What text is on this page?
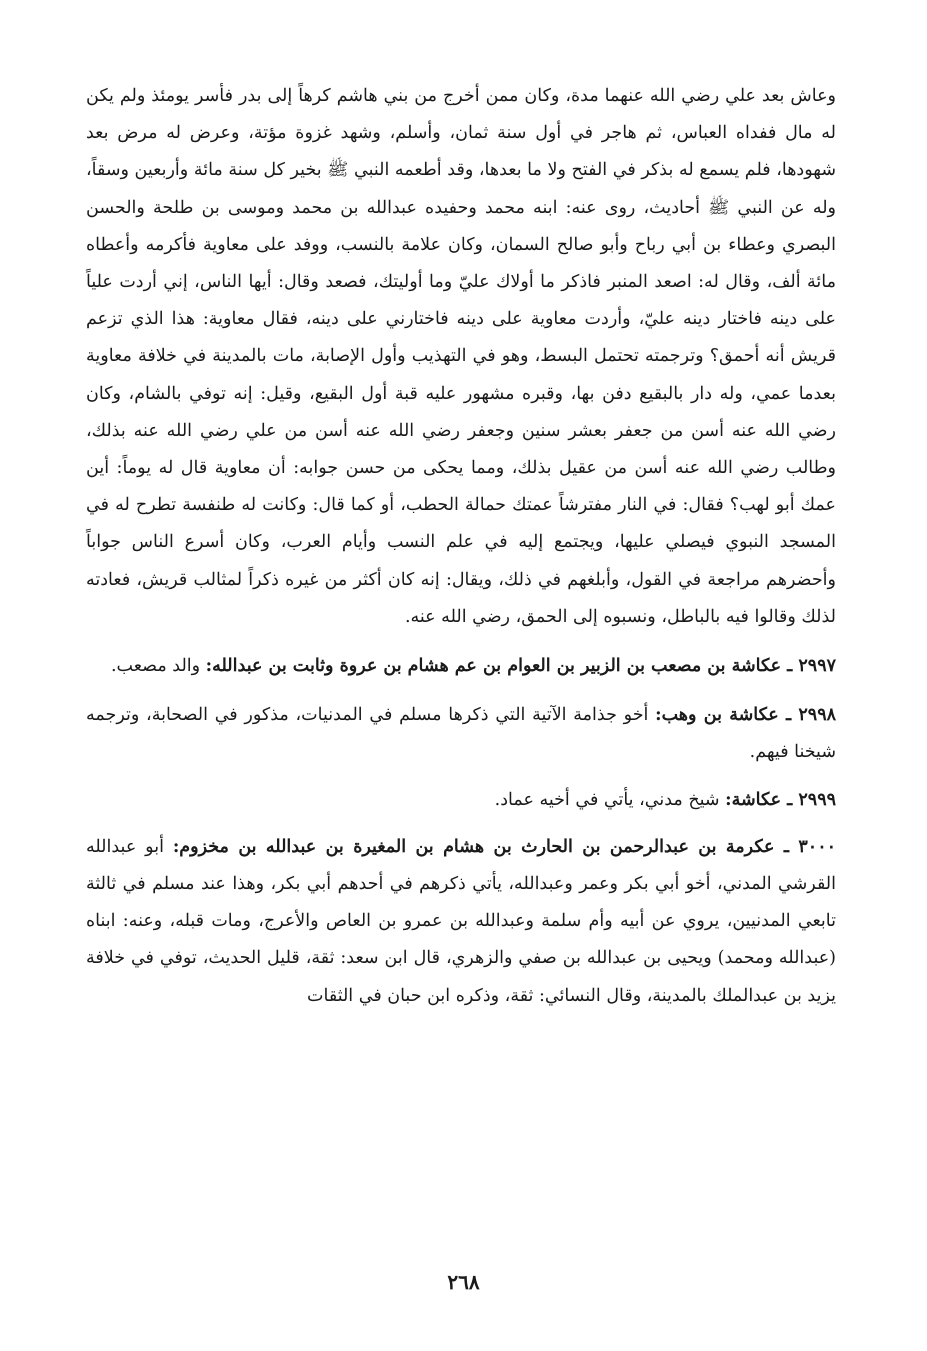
وعاش بعد علي رضي الله عنهما مدة، وكان ممن أخرج من بني هاشم كرهاً إلى بدر فأسر يومئذ ولم يكن له مال ففداه العباس، ثم هاجر في أول سنة ثمان، وأسلم، وشهد غزوة مؤتة، وعرض له مرض بعد شهودها، فلم يسمع له بذكر في الفتح ولا ما بعدها، وقد أطعمه النبي ﷺ بخير كل سنة مائة وأربعين وسقاً، وله عن النبي ﷺ أحاديث، روى عنه: ابنه محمد وحفيده عبدالله بن محمد وموسى بن طلحة والحسن البصري وعطاء بن أبي رباح وأبو صالح السمان، وكان علامة بالنسب، ووفد على معاوية فأكرمه وأعطاه مائة ألف، وقال له: اصعد المنبر فاذكر ما أولاك عليّ وما أوليتك، فصعد وقال: أيها الناس، إني أردت علياً على دينه فاختار دينه عليّ، وأردت معاوية على دينه فاختارني على دينه، فقال معاوية: هذا الذي تزعم قريش أنه أحمق؟ وترجمته تحتمل البسط، وهو في التهذيب وأول الإصابة، مات بالمدينة في خلافة معاوية بعدما عمي، وله دار بالبقيع دفن بها، وقبره مشهور عليه قبة أول البقيع، وقيل: إنه توفي بالشام، وكان رضي الله عنه أسن من جعفر بعشر سنين وجعفر رضي الله عنه أسن من علي رضي الله عنه بذلك، وطالب رضي الله عنه أسن من عقيل بذلك، ومما يحكى من حسن جوابه: أن معاوية قال له يوماً: أين عمك أبو لهب؟ فقال: في النار مفترشاً عمتك حمالة الحطب، أو كما قال: وكانت له طنفسة تطرح له في المسجد النبوي فيصلي عليها، ويجتمع إليه في علم النسب وأيام العرب، وكان أسرع الناس جواباً وأحضرهم مراجعة في القول، وأبلغهم في ذلك، ويقال: إنه كان أكثر من غيره ذكراً لمثالب قريش، فعادته لذلك وقالوا فيه بالباطل، ونسبوه إلى الحمق، رضي الله عنه.

٢٩٩٧ ـ عكاشة بن مصعب بن الزبير بن العوام بن عم هشام بن عروة وثابت بن عبدالله: والد مصعب.

٢٩٩٨ ـ عكاشة بن وهب: أخو جذامة الآتية التي ذكرها مسلم في المدنيات، مذكور في الصحابة، وترجمه شيخنا فيهم.

٢٩٩٩ ـ عكاشة: شيخ مدني، يأتي في أخيه عماد.

٣٠٠٠ ـ عكرمة بن عبدالرحمن بن الحارث بن هشام بن المغيرة بن عبدالله بن مخزوم: أبو عبدالله القرشي المدني، أخو أبي بكر وعمر وعبدالله، يأتي ذكرهم في أحدهم أبي بكر، وهذا عند مسلم في ثالثة تابعي المدنيين، يروي عن أبيه وأم سلمة وعبدالله بن عمرو بن العاص والأعرج، ومات قبله، وعنه: ابناه (عبدالله ومحمد) ويحيى بن عبدالله بن صفي والزهري، قال ابن سعد: ثقة، قليل الحديث، توفي في خلافة يزيد بن عبدالملك بالمدينة، وقال النسائي: ثقة، وذكره ابن حبان في الثقات

٢٦٨
